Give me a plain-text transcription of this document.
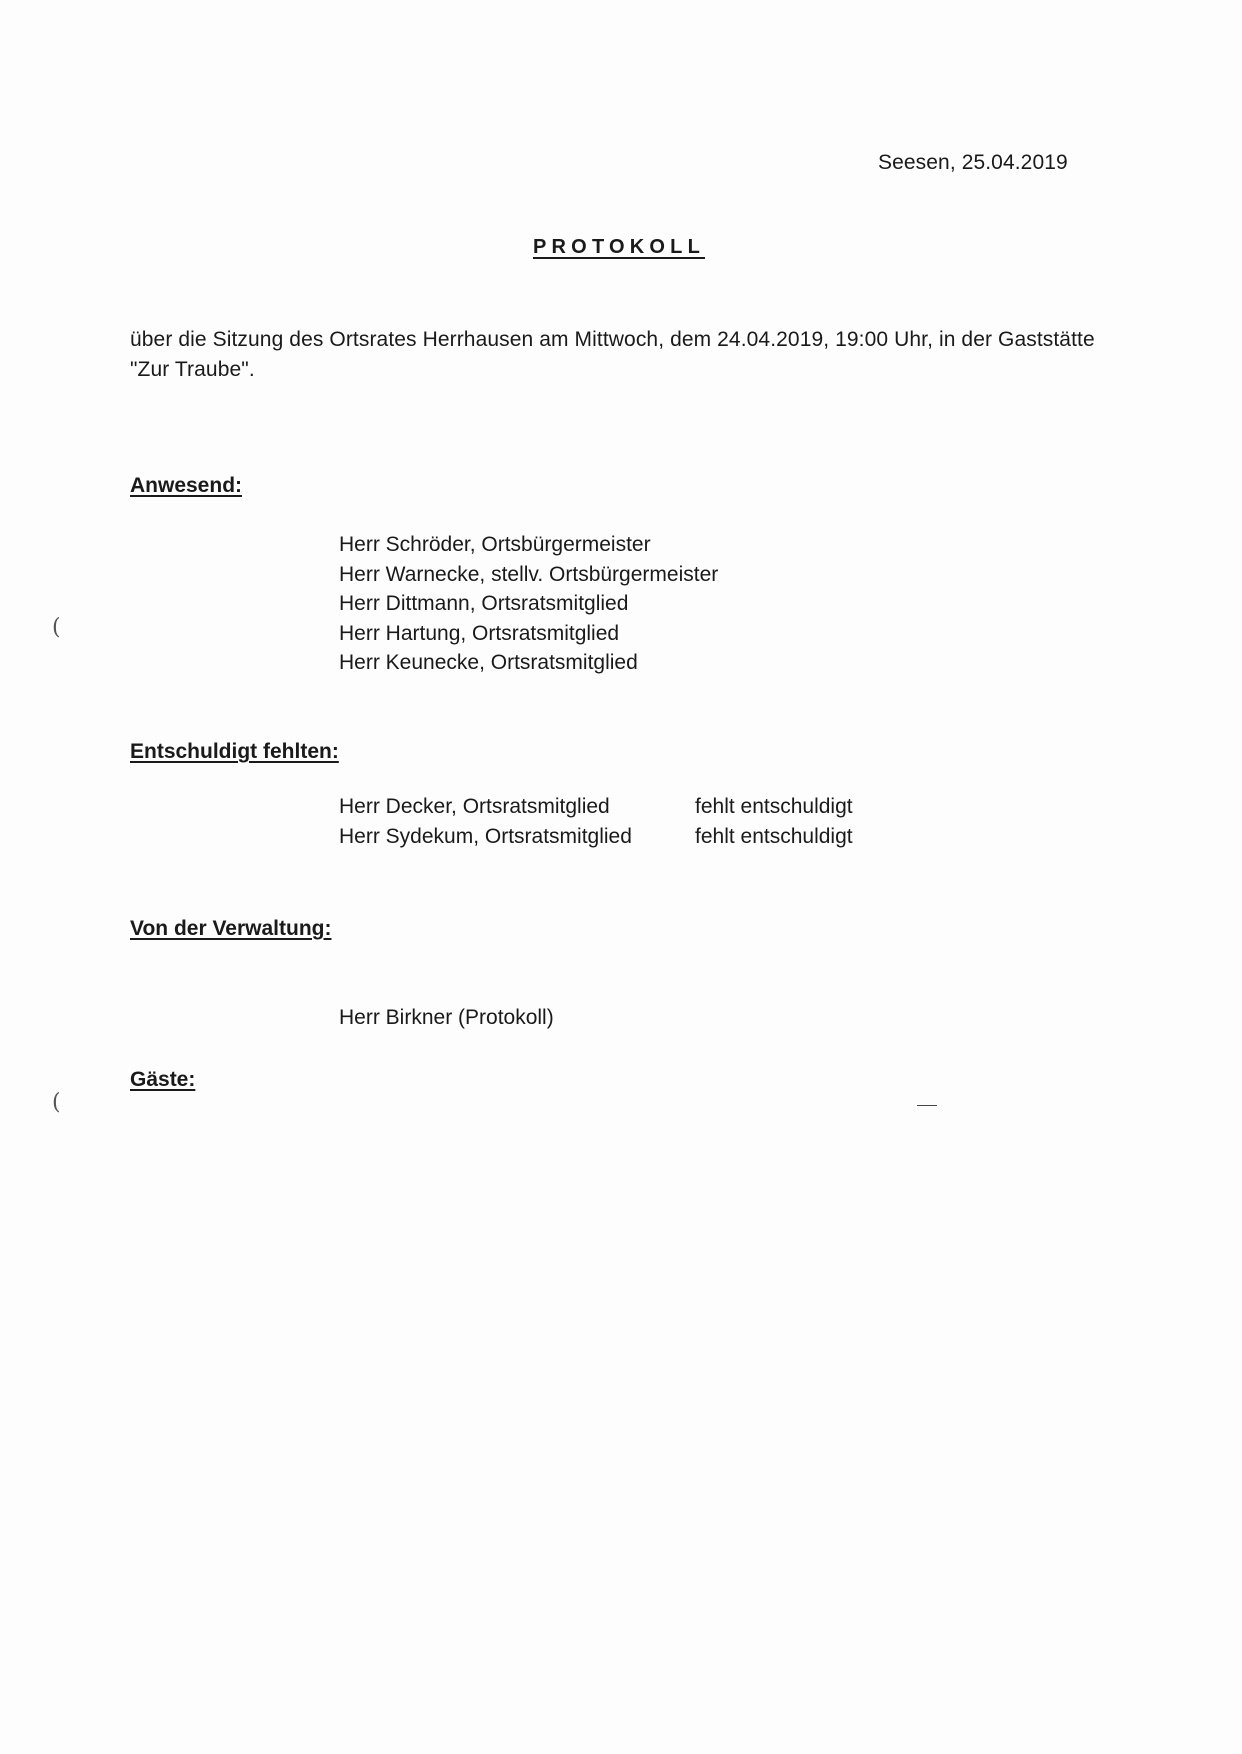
Seesen, 25.04.2019
PROTOKOLL
über die Sitzung des Ortsrates Herrhausen am Mittwoch, dem 24.04.2019, 19:00 Uhr, in der Gaststätte "Zur Traube".
Anwesend:
Herr Schröder, Ortsbürgermeister
Herr Warnecke, stellv. Ortsbürgermeister
Herr Dittmann, Ortsratsmitglied
Herr Hartung, Ortsratsmitglied
Herr Keunecke, Ortsratsmitglied
Entschuldigt fehlten:
Herr Decker, Ortsratsmitglied	fehlt entschuldigt
Herr Sydekum, Ortsratsmitglied	fehlt entschuldigt
Von der Verwaltung:
Herr Birkner (Protokoll)
Gäste:
(
(
